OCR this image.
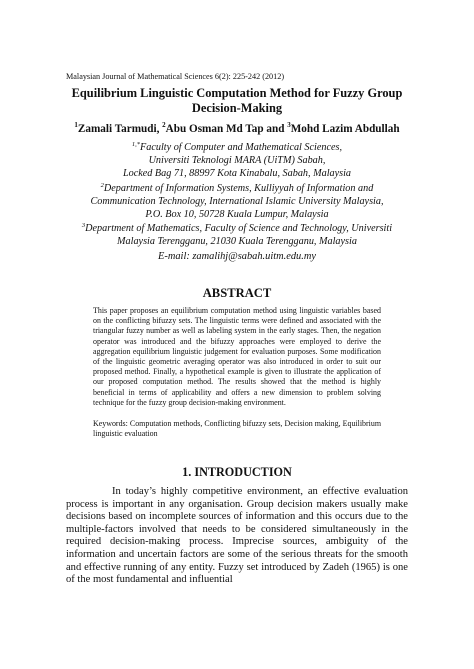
Malaysian Journal of Mathematical Sciences 6(2): 225-242 (2012)
Equilibrium Linguistic Computation Method for Fuzzy Group Decision-Making
$^1$Zamali Tarmudi, $^2$Abu Osman Md Tap and $^3$Mohd Lazim Abdullah
$^{1,*}$Faculty of Computer and Mathematical Sciences,
Universiti Teknologi MARA (UiTM) Sabah,
Locked Bag 71, 88997 Kota Kinabalu, Sabah, Malaysia
$^2$Department of Information Systems, Kulliyyah of Information and
Communication Technology, International Islamic University Malaysia,
P.O. Box 10, 50728 Kuala Lumpur, Malaysia
$^3$Department of Mathematics, Faculty of Science and Technology, Universiti
Malaysia Terengganu, 21030 Kuala Terengganu, Malaysia
E-mail: zamalihj@sabah.uitm.edu.my
ABSTRACT
This paper proposes an equilibrium computation method using linguistic variables based on the conflicting bifuzzy sets. The linguistic terms were defined and associated with the triangular fuzzy number as well as labeling system in the early stages. Then, the negation operator was introduced and the bifuzzy approaches were employed to derive the aggregation equilibrium linguistic judgement for evaluation purposes. Some modification of the linguistic geometric averaging operator was also introduced in order to suit our proposed method. Finally, a hypothetical example is given to illustrate the application of our proposed computation method. The results showed that the method is highly beneficial in terms of applicability and offers a new dimension to problem solving technique for the fuzzy group decision-making environment.
Keywords: Computation methods, Conflicting bifuzzy sets, Decision making, Equilibrium linguistic evaluation
1. INTRODUCTION
In today’s highly competitive environment, an effective evaluation process is important in any organisation. Group decision makers usually make decisions based on incomplete sources of information and this occurs due to the multiple-factors involved that needs to be considered simultaneously in the required decision-making process. Imprecise sources, ambiguity of the information and uncertain factors are some of the serious threats for the smooth and effective running of any entity. Fuzzy set introduced by Zadeh (1965) is one of the most fundamental and influential
